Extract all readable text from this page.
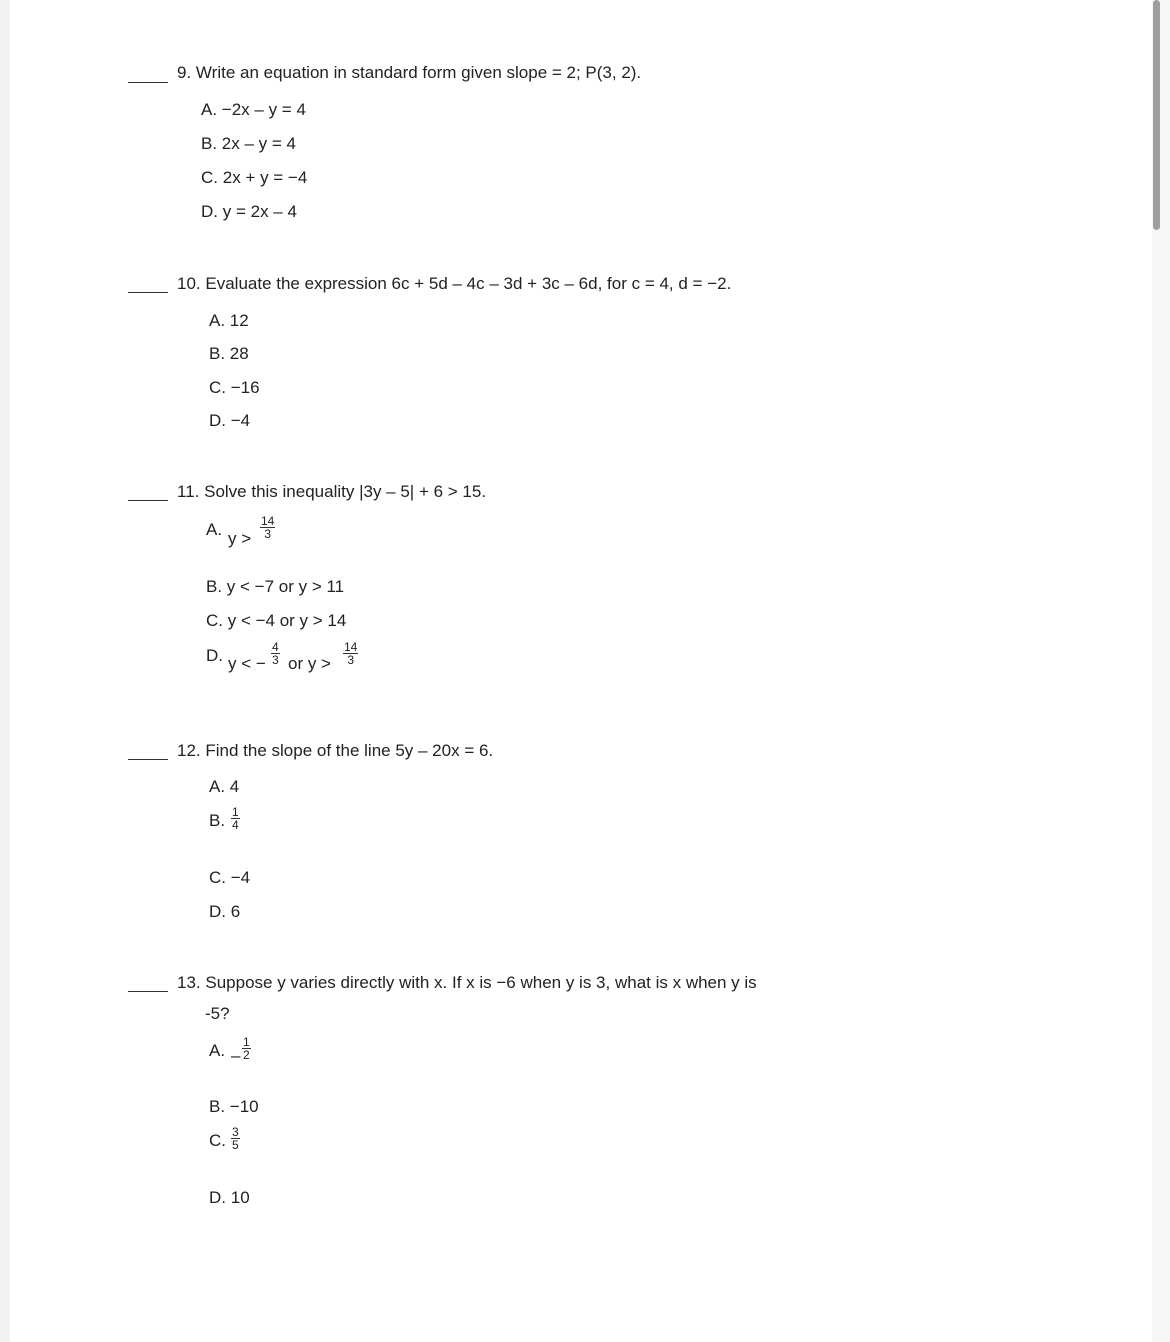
9. Write an equation in standard form given slope = 2; P(3, 2).
A. −2x – y = 4
B. 2x – y = 4
C. 2x + y = −4
D. y = 2x – 4
10. Evaluate the expression 6c + 5d – 4c – 3d + 3c – 6d, for c = 4, d = −2.
A. 12
B. 28
C. −16
D. −4
11. Solve this inequality |3y – 5| + 6 > 15.
A. $y > \frac{14}{3}$
B. y < −7 or y > 11
C. y < −4 or y > 14
D. y < − $\frac{4}{3}$ or $y > \frac{14}{3}$
12. Find the slope of the line 5y – 20x = 6.
A. 4
B. $\frac{1}{4}$
C. −4
D. 6
13. Suppose y varies directly with x. If x is −6 when y is 3, what is x when y is
-5?
A. – $\frac{1}{2}$
B. −10
C. $\frac{3}{5}$
D. 10
